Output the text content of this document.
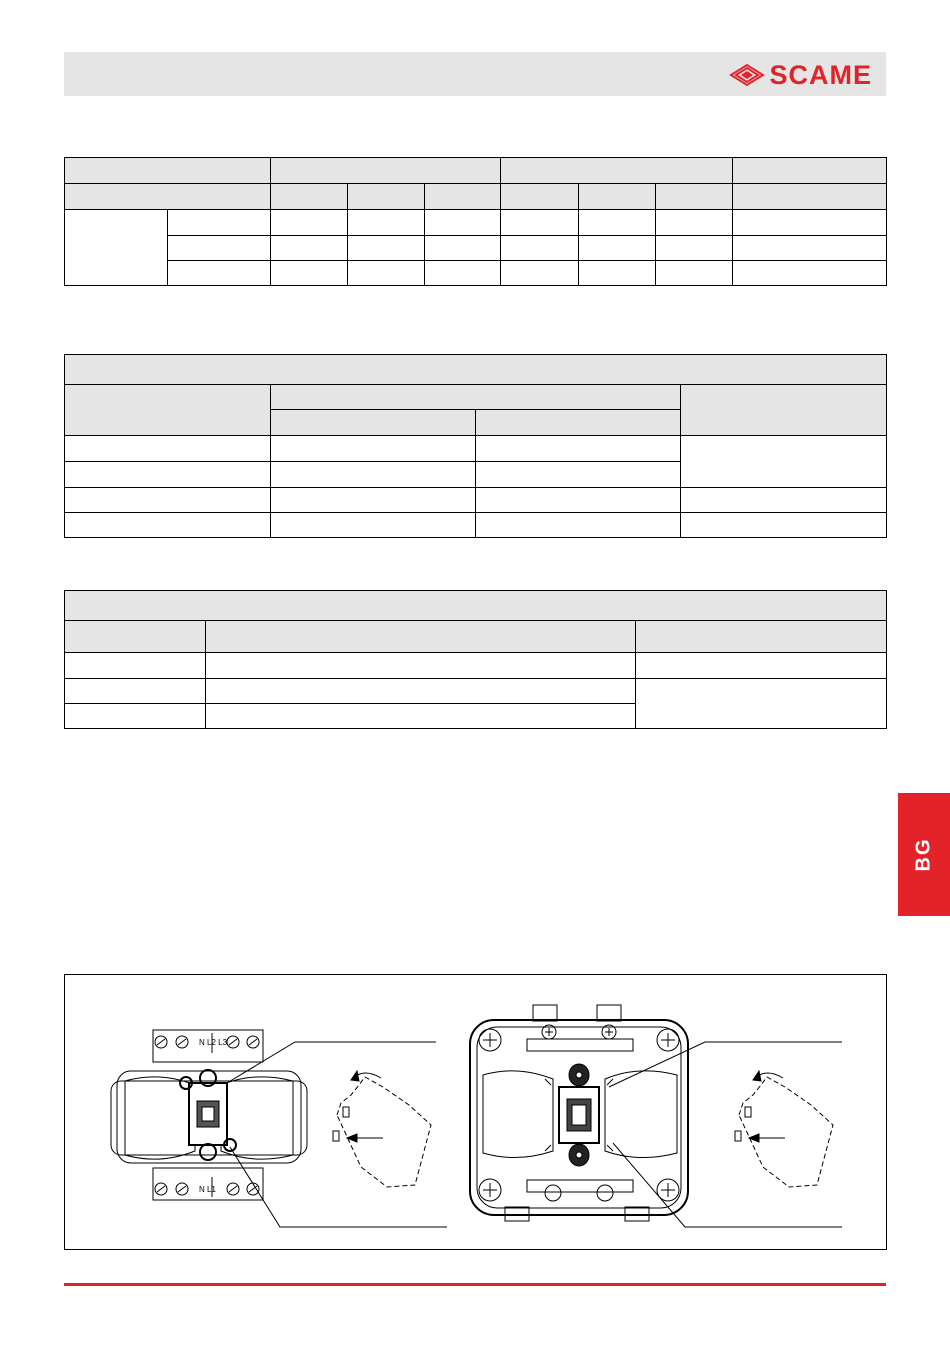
SCAME

BG
N L2 L3
N L1
